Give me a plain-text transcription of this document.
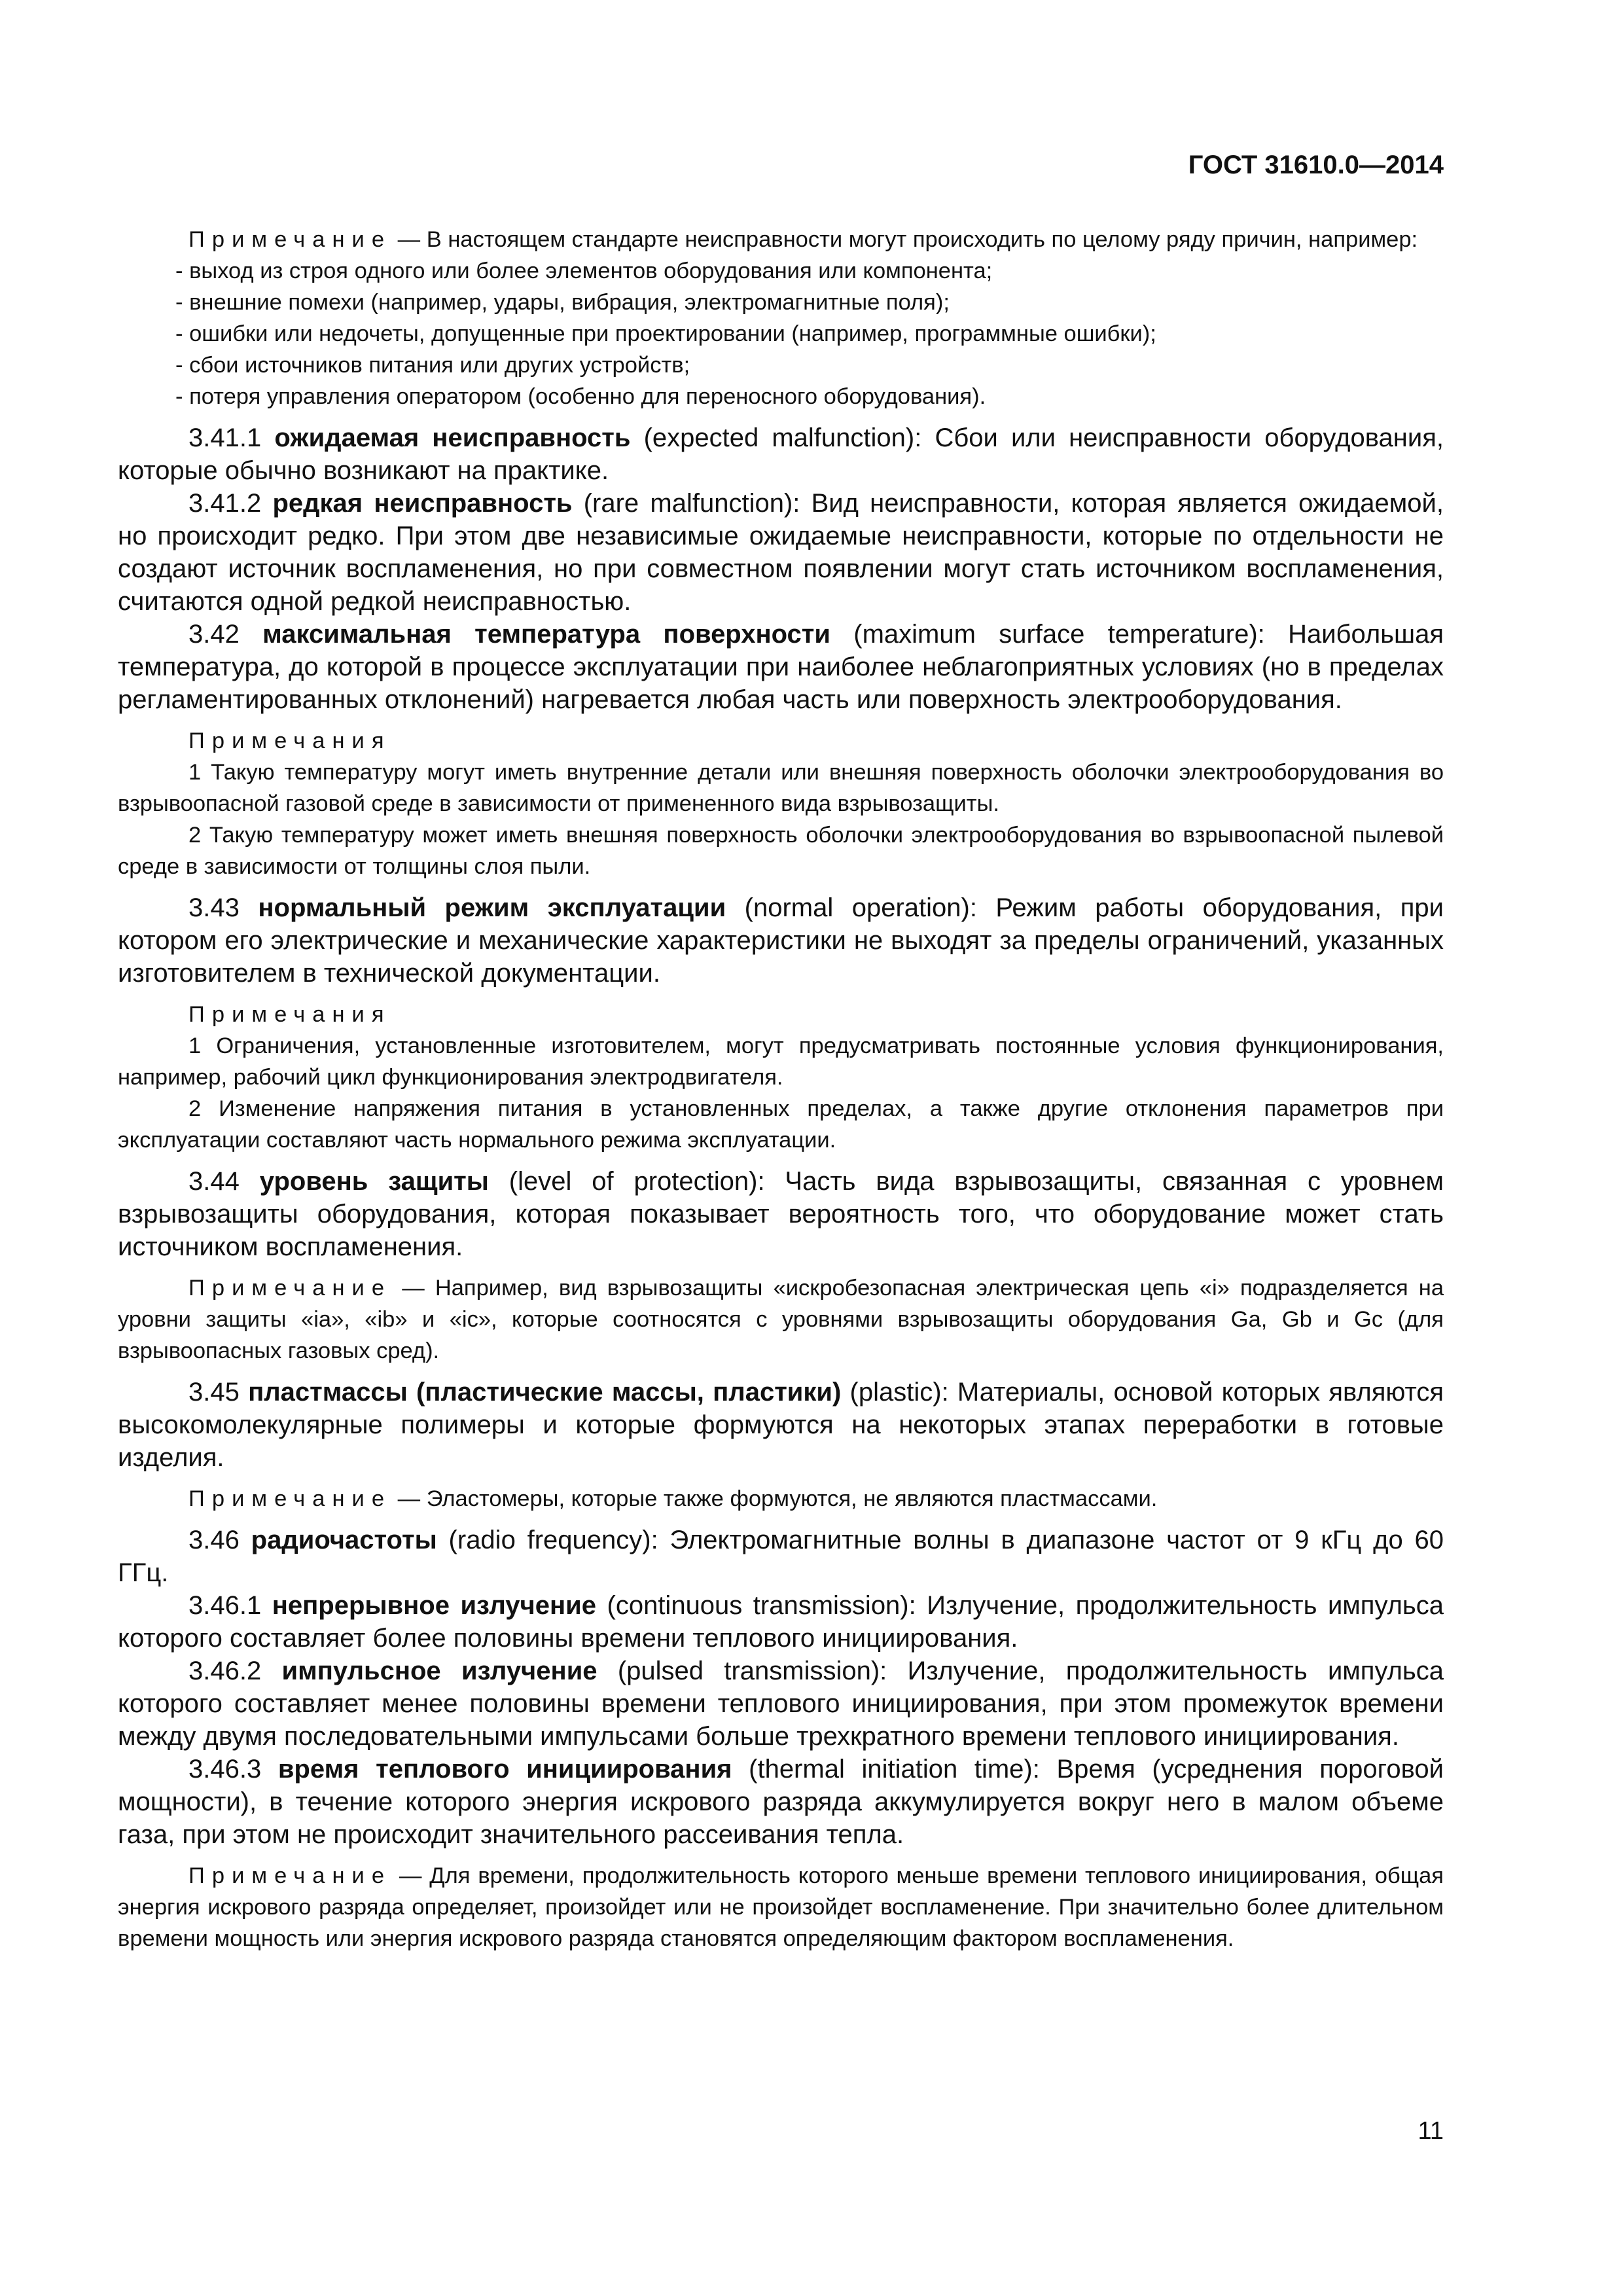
ГОСТ 31610.0—2014

Примечание — В настоящем стандарте неисправности могут происходить по целому ряду причин, например:

- выход из строя одного или более элементов оборудования или компонента;
- внешние помехи (например, удары, вибрация, электромагнитные поля);
- ошибки или недочеты, допущенные при проектировании (например, программные ошибки);
- сбои источников питания или других устройств;
- потеря управления оператором (особенно для переносного оборудования).

3.41.1 ожидаемая неисправность (expected malfunction): Сбои или неисправности оборудования, которые обычно возникают на практике.

3.41.2 редкая неисправность (rare malfunction): Вид неисправности, которая является ожидаемой, но происходит редко. При этом две независимые ожидаемые неисправности, которые по отдельности не создают источник воспламенения, но при совместном появлении могут стать источником воспламенения, считаются одной редкой неисправностью.

3.42 максимальная температура поверхности (maximum surface temperature): Наибольшая температура, до которой в процессе эксплуатации при наиболее неблагоприятных условиях (но в пределах регламентированных отклонений) нагревается любая часть или поверхность электрооборудования.

Примечания

1 Такую температуру могут иметь внутренние детали или внешняя поверхность оболочки электрооборудования во взрывоопасной газовой среде в зависимости от примененного вида взрывозащиты.

2 Такую температуру может иметь внешняя поверхность оболочки электрооборудования во взрывоопасной пылевой среде в зависимости от толщины слоя пыли.

3.43 нормальный режим эксплуатации (normal operation): Режим работы оборудования, при котором его электрические и механические характеристики не выходят за пределы ограничений, указанных изготовителем в технической документации.

Примечания

1 Ограничения, установленные изготовителем, могут предусматривать постоянные условия функционирования, например, рабочий цикл функционирования электродвигателя.

2 Изменение напряжения питания в установленных пределах, а также другие отклонения параметров при эксплуатации составляют часть нормального режима эксплуатации.

3.44 уровень защиты (level of protection): Часть вида взрывозащиты, связанная с уровнем взрывозащиты оборудования, которая показывает вероятность того, что оборудование может стать источником воспламенения.

Примечание — Например, вид взрывозащиты «искробезопасная электрическая цепь «i» подразделяется на уровни защиты «ia», «ib» и «ic», которые соотносятся с уровнями взрывозащиты оборудования Ga, Gb и Gc (для взрывоопасных газовых сред).

3.45 пластмассы (пластические массы, пластики) (plastic): Материалы, основой которых являются высокомолекулярные полимеры и которые формуются на некоторых этапах переработки в готовые изделия.

Примечание — Эластомеры, которые также формуются, не являются пластмассами.

3.46 радиочастоты (radio frequency): Электромагнитные волны в диапазоне частот от 9 кГц до 60 ГГц.

3.46.1 непрерывное излучение (continuous transmission): Излучение, продолжительность импульса которого составляет более половины времени теплового инициирования.

3.46.2 импульсное излучение (pulsed transmission): Излучение, продолжительность импульса которого составляет менее половины времени теплового инициирования, при этом промежуток времени между двумя последовательными импульсами больше трехкратного времени теплового инициирования.

3.46.3 время теплового инициирования (thermal initiation time): Время (усреднения пороговой мощности), в течение которого энергия искрового разряда аккумулируется вокруг него в малом объеме газа, при этом не происходит значительного рассеивания тепла.

Примечание — Для времени, продолжительность которого меньше времени теплового инициирования, общая энергия искрового разряда определяет, произойдет или не произойдет воспламенение. При значительно более длительном времени мощность или энергия искрового разряда становятся определяющим фактором воспламенения.

11
